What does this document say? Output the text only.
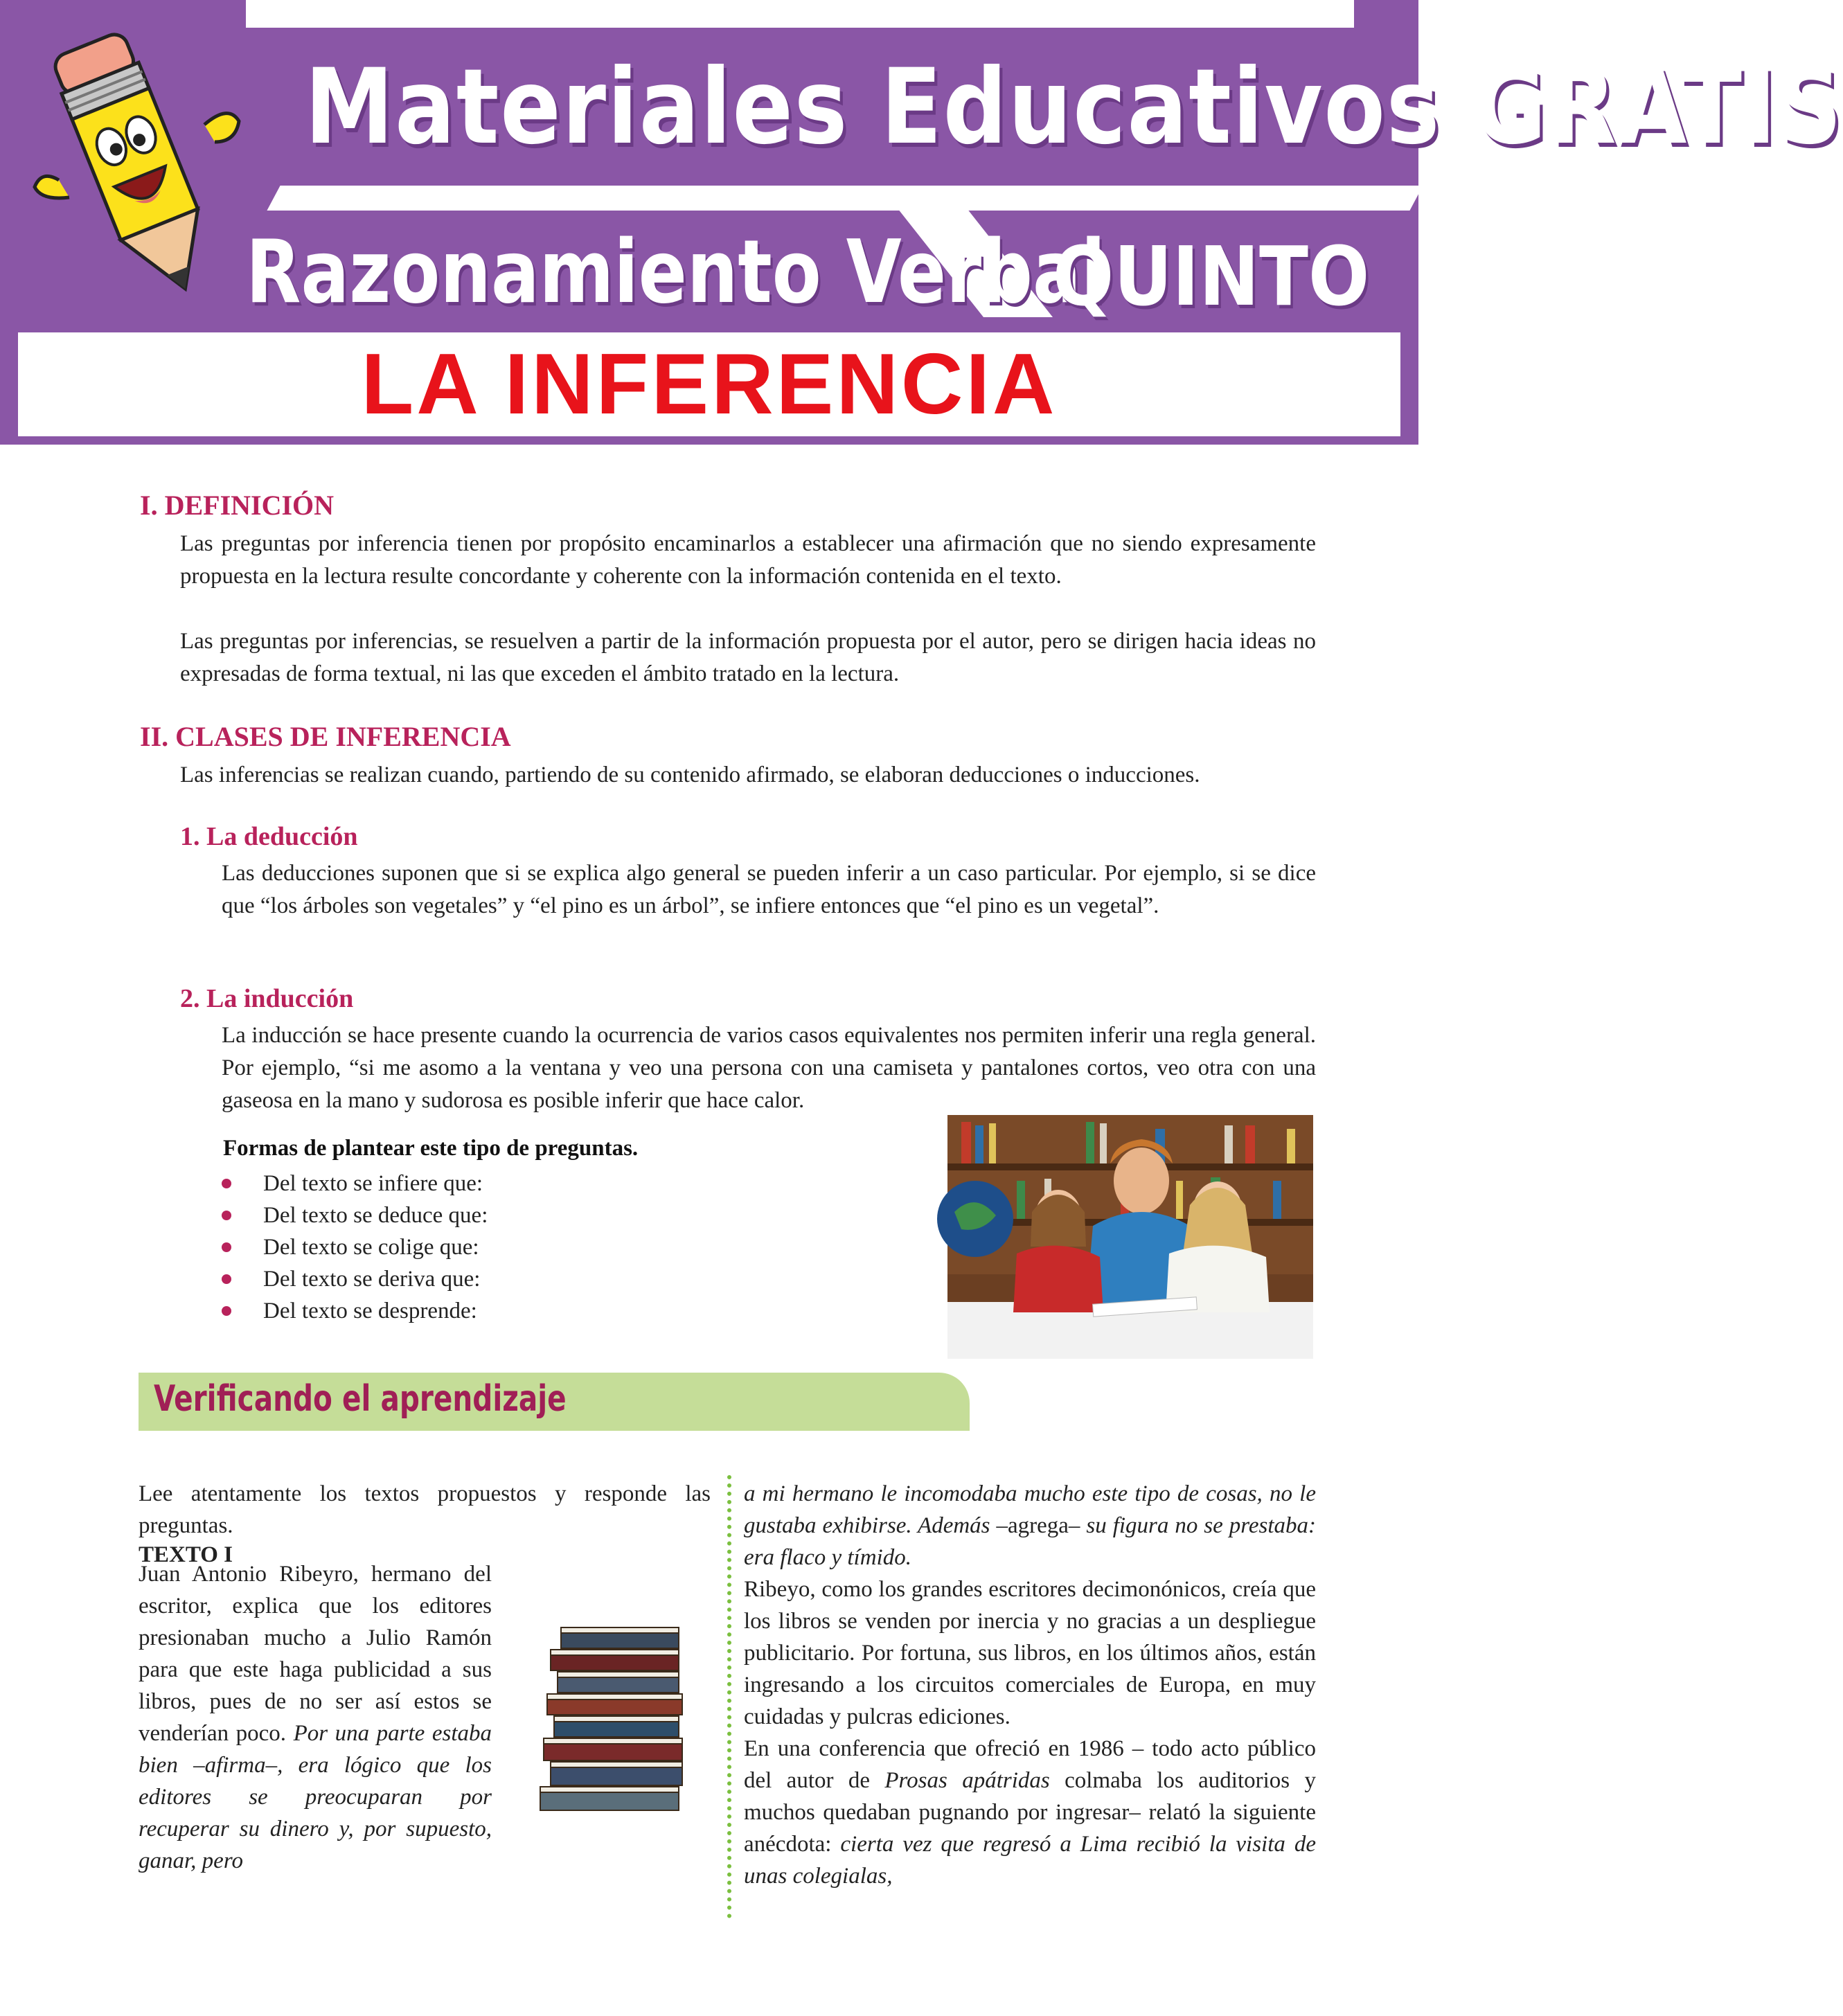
Materiales Educativos GRATIS
Razonamiento Verbal
QUINTO
LA INFERENCIA
I. DEFINICIÓN
Las preguntas por inferencia tienen por propósito encaminarlos a establecer una afirmación que no siendo expresamente propuesta en la lectura resulte concordante y coherente con la información contenida en el texto.
Las preguntas por inferencias, se resuelven a partir de la información propuesta por el autor, pero se dirigen hacia ideas no expresadas de forma textual, ni las que exceden el ámbito tratado en la lectura.
II. CLASES DE INFERENCIA
Las inferencias se realizan cuando, partiendo de su contenido afirmado, se elaboran deducciones o inducciones.
1. La deducción
Las deducciones suponen que si se explica algo general se pueden inferir a un caso particular. Por ejemplo, si se dice que “los árboles son vegetales” y “el pino es un árbol”, se infiere entonces que “el pino es un vegetal”.
2. La inducción
La inducción se hace presente cuando la ocurrencia de varios casos equivalentes nos permiten inferir una regla general. Por ejemplo, “si me asomo a la ventana y veo una persona con una camiseta y pantalones cortos, veo otra con una gaseosa en la mano y sudorosa es posible inferir que hace calor.
Formas de plantear este tipo de preguntas.
Del texto se infiere que:
Del texto se deduce que:
Del texto se colige que:
Del texto se deriva que:
Del texto se desprende:
Verificando el aprendizaje
Lee atentamente los textos propuestos y responde las preguntas.
TEXTO I
Juan Antonio Ribeyro, hermano del escritor, explica que los editores presionaban mucho a Julio Ramón para que este haga publicidad a sus libros, pues de no ser así estos se venderían poco. Por una parte estaba bien –afirma–, era lógico que los editores se preocuparan por recuperar su dinero y, por supuesto, ganar, pero
a mi hermano le incomodaba mucho este tipo de cosas, no le gustaba exhibirse. Además –agrega– su figura no se prestaba: era flaco y tímido.
Ribeyo, como los grandes escritores decimonónicos, creía que los libros se venden por inercia y no gracias a un despliegue publicitario. Por fortuna, sus libros, en los últimos años, están ingresando a los circuitos comerciales de Europa, en muy cuidadas y pulcras ediciones.
En una conferencia que ofreció en 1986 – todo acto público del autor de Prosas apátridas colmaba los auditorios y muchos quedaban pugnando por ingresar– relató la siguiente anécdota: cierta vez que regresó a Lima recibió la visita de unas colegialas,
